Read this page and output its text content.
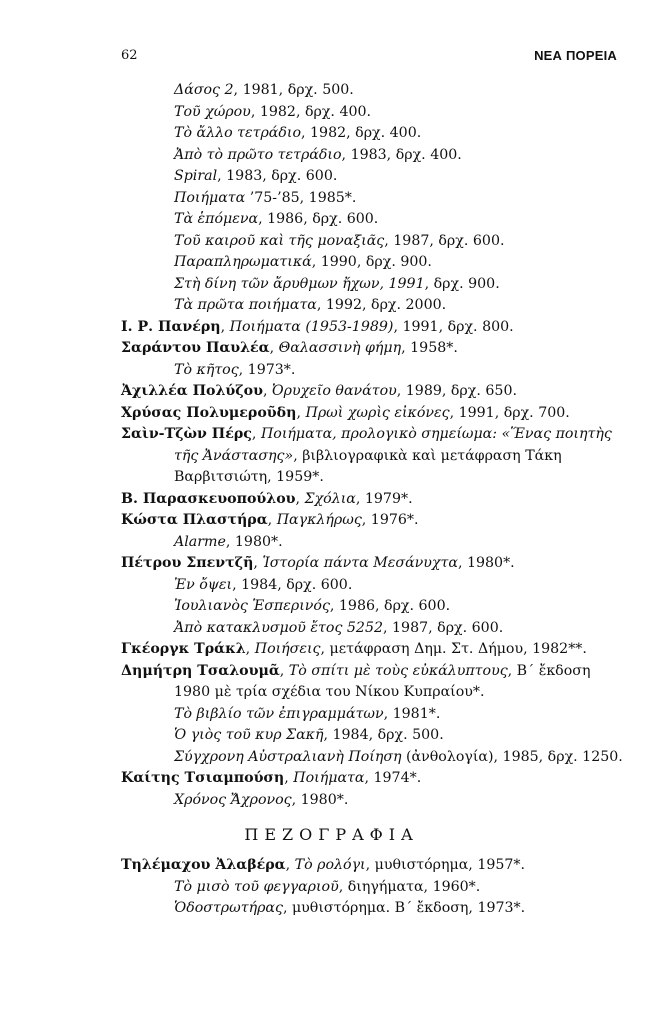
62	ΝΕΑ ΠΟΡΕΙΑ
Δάσος 2, 1981, δρχ. 500.
Τοῦ χώρου, 1982, δρχ. 400.
Τὸ ἄλλο τετράδιο, 1982, δρχ. 400.
Ἀπὸ τὸ πρῶτο τετράδιο, 1983, δρχ. 400.
Spiral, 1983, δρχ. 600.
Ποιήματα ’75-’85, 1985*.
Τὰ ἑπόμενα, 1986, δρχ. 600.
Τοῦ καιροῦ καὶ τῆς μοναξιᾶς, 1987, δρχ. 600.
Παραπληρωματικά, 1990, δρχ. 900.
Στὴ δίνη τῶν ἄρυθμων ἤχων, 1991, δρχ. 900.
Τὰ πρῶτα ποιήματα, 1992, δρχ. 2000.
Ι. Ρ. Πανέρη, Ποιήματα (1953-1989), 1991, δρχ. 800.
Σαράντου Παυλέα, Θαλασσινὴ φήμη, 1958*.
Τὸ κῆτος, 1973*.
Ἀχιλλέα Πολύζου, Ὀρυχεῖο θανάτου, 1989, δρχ. 650.
Χρύσας Πολυμεροῦδη, Πρωὶ χωρὶς εἰκόνες, 1991, δρχ. 700.
Σαὶν-Τζὼν Πέρς, Ποιήματα, προλογικὸ σημείωμα: «Ἕνας ποιητὴς τῆς Ἀνάστασης», βιβλιογραφικὰ καὶ μετάφραση Τάκη Βαρβιτσιώτη, 1959*.
Β. Παρασκευοπούλου, Σχόλια, 1979*.
Κώστα Πλαστήρα, Παγκλήρως, 1976*.
Alarme, 1980*.
Πέτρου Σπεντζῆ, Ἱστορία πάντα Μεσάνυχτα, 1980*.
Ἐν ὄψει, 1984, δρχ. 600.
Ἰουλιανὸς Ἑσπερινός, 1986, δρχ. 600.
Ἀπὸ κατακλυσμοῦ ἔτος 5252, 1987, δρχ. 600.
Γκέοργκ Τράκλ, Ποιήσεις, μετάφραση Δημ. Στ. Δήμου, 1982**.
Δημήτρη Τσαλουμᾶ, Τὸ σπίτι μὲ τοὺς εὐκάλυπτους, Β΄ ἔκδοση 1980 μὲ τρία σχέδια του Νίκου Κυπραίου*.
Τὸ βιβλίο τῶν ἐπιγραμμάτων, 1981*.
Ὁ γιὸς τοῦ κυρ Σακῆ, 1984, δρχ. 500.
Σύγχρονη Αὐστραλιανὴ Ποίηση (ἀνθολογία), 1985, δρχ. 1250.
Καίτης Τσιαμπούση, Ποιήματα, 1974*.
Χρόνος Ἄχρονος, 1980*.
ΠΕΖΟΓΡΑΦΙΑ
Τηλέμαχου Ἀλαβέρα, Τὸ ρολόγι, μυθιστόρημα, 1957*.
Τὸ μισὸ τοῦ φεγγαριοῦ, διηγήματα, 1960*.
Ὁδοστρωτήρας, μυθιστόρημα. Β΄ ἔκδοση, 1973*.
